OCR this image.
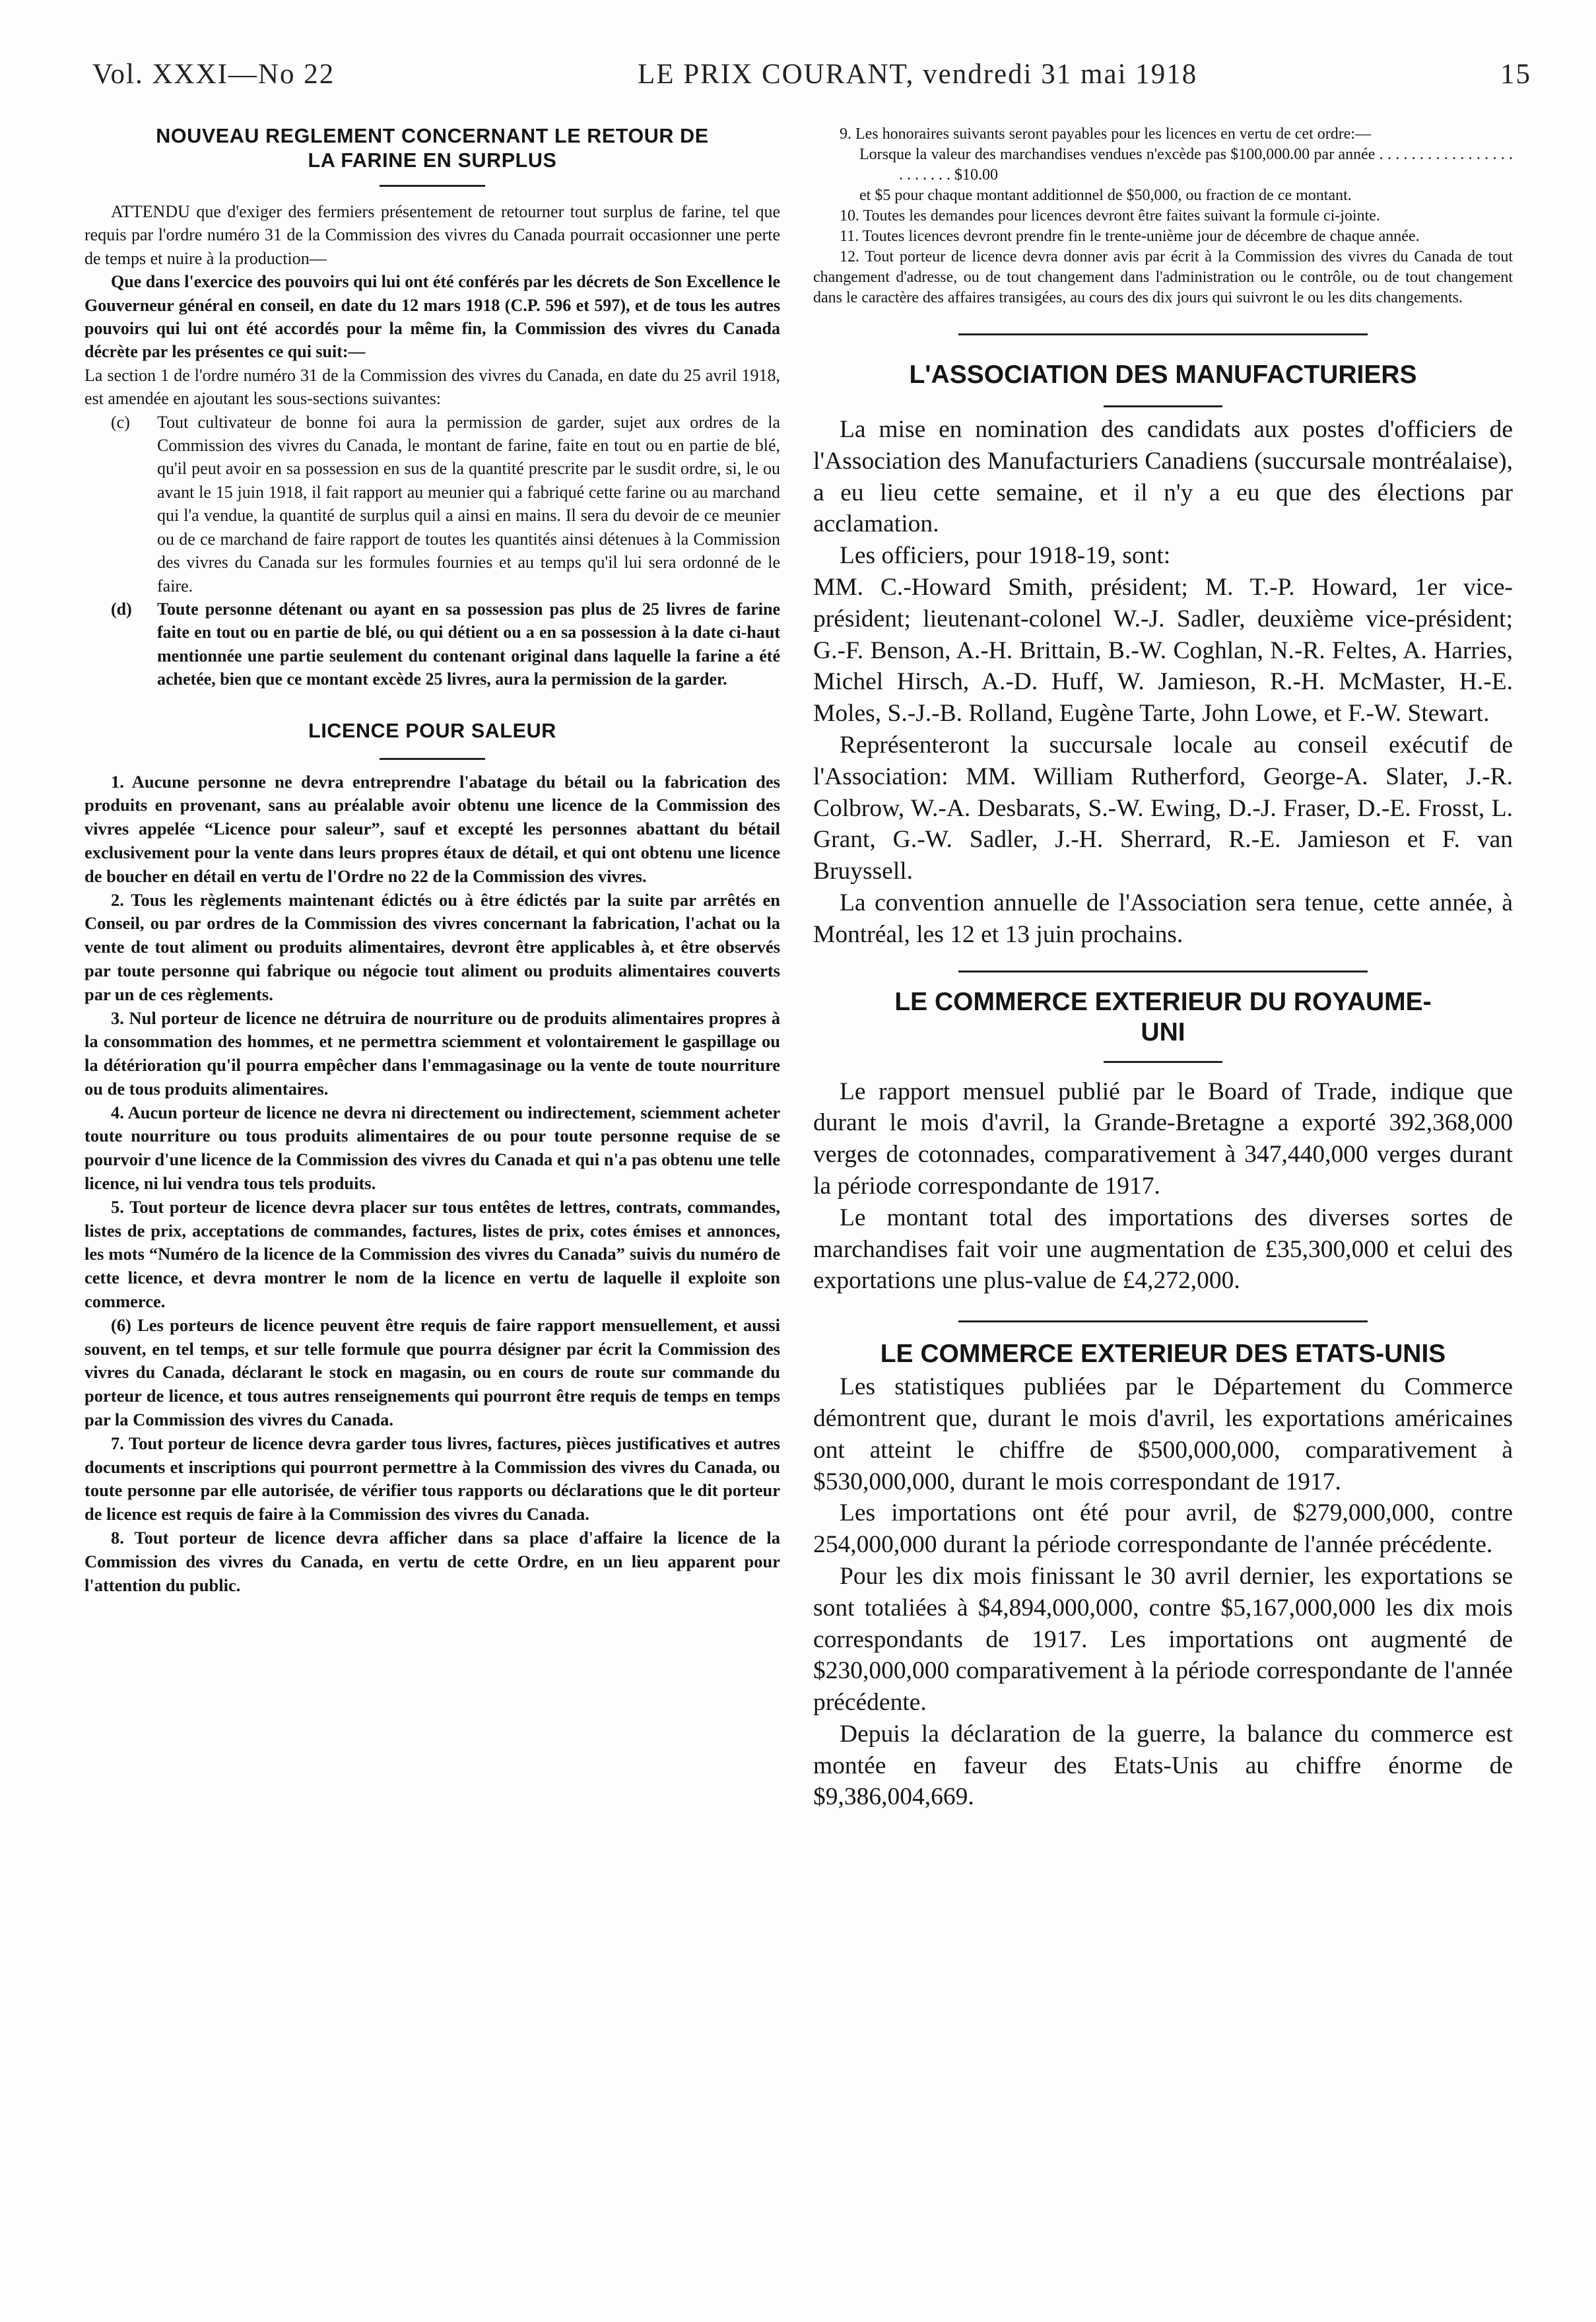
Vol. XXXI—No 22	LE PRIX COURANT, vendredi 31 mai 1918	15
NOUVEAU REGLEMENT CONCERNANT LE RETOUR DE
LA FARINE EN SURPLUS

ATTENDU que d'exiger des fermiers présentement de retourner tout surplus de farine, tel que requis par l'ordre numéro 31 de la Commission des vivres du Canada pourrait occasionner une perte de temps et nuire à la production—

Que dans l'exercice des pouvoirs qui lui ont été conférés par les décrets de Son Excellence le Gouverneur général en conseil, en date du 12 mars 1918 (C.P. 596 et 597), et de tous les autres pouvoirs qui lui ont été accordés pour la même fin, la Commission des vivres du Canada décrète par les présentes ce qui suit:—

La section 1 de l'ordre numéro 31 de la Commission des vivres du Canada, en date du 25 avril 1918, est amendée en ajoutant les sous-sections suivantes:

(c)	Tout cultivateur de bonne foi aura la permission de garder, sujet aux ordres de la Commission des vivres du Canada, le montant de farine, faite en tout ou en partie de blé, qu'il peut avoir en sa possession en sus de la quantité prescrite par le susdit ordre, si, le ou avant le 15 juin 1918, il fait rapport au meunier qui a fabriqué cette farine ou au marchand qui l'a vendue, la quantité de surplus quil a ainsi en mains. Il sera du devoir de ce meunier ou de ce marchand de faire rapport de toutes les quantités ainsi détenues à la Commission des vivres du Canada sur les formules fournies et au temps qu'il lui sera ordonné de le faire.
(d)	Toute personne détenant ou ayant en sa possession pas plus de 25 livres de farine faite en tout ou en partie de blé, ou qui détient ou a en sa possession à la date ci-haut mentionnée une partie seulement du contenant original dans laquelle la farine a été achetée, bien que ce montant excède 25 livres, aura la permission de la garder.
LICENCE POUR SALEUR

1. Aucune personne ne devra entreprendre l'abatage du bétail ou la fabrication des produits en provenant, sans au préalable avoir obtenu une licence de la Commission des vivres appelée “Licence pour saleur”, sauf et excepté les personnes abattant du bétail exclusivement pour la vente dans leurs propres étaux de détail, et qui ont obtenu une licence de boucher en détail en vertu de l'Ordre no 22 de la Commission des vivres.

2. Tous les règlements maintenant édictés ou à être édictés par la suite par arrêtés en Conseil, ou par ordres de la Commission des vivres concernant la fabrication, l'achat ou la vente de tout aliment ou produits alimentaires, devront être applicables à, et être observés par toute personne qui fabrique ou négocie tout aliment ou produits alimentaires couverts par un de ces règlements.

3. Nul porteur de licence ne détruira de nourriture ou de produits alimentaires propres à la consommation des hommes, et ne permettra sciemment et volontairement le gaspillage ou la détérioration qu'il pourra empêcher dans l'emmagasinage ou la vente de toute nourriture ou de tous produits alimentaires.

4. Aucun porteur de licence ne devra ni directement ou indirectement, sciemment acheter toute nourriture ou tous produits alimentaires de ou pour toute personne requise de se pourvoir d'une licence de la Commission des vivres du Canada et qui n'a pas obtenu une telle licence, ni lui vendra tous tels produits.

5. Tout porteur de licence devra placer sur tous entêtes de lettres, contrats, commandes, listes de prix, acceptations de commandes, factures, listes de prix, cotes émises et annonces, les mots “Numéro de la licence de la Commission des vivres du Canada” suivis du numéro de cette licence, et devra montrer le nom de la licence en vertu de laquelle il exploite son commerce.

(6) Les porteurs de licence peuvent être requis de faire rapport mensuellement, et aussi souvent, en tel temps, et sur telle formule que pourra désigner par écrit la Commission des vivres du Canada, déclarant le stock en magasin, ou en cours de route sur commande du porteur de licence, et tous autres renseignements qui pourront être requis de temps en temps par la Commission des vivres du Canada.

7. Tout porteur de licence devra garder tous livres, factures, pièces justificatives et autres documents et inscriptions qui pourront permettre à la Commission des vivres du Canada, ou toute personne par elle autorisée, de vérifier tous rapports ou déclarations que le dit porteur de licence est requis de faire à la Commission des vivres du Canada.

8. Tout porteur de licence devra afficher dans sa place d'affaire la licence de la Commission des vivres du Canada, en vertu de cette Ordre, en un lieu apparent pour l'attention du public.

9. Les honoraires suivants seront payables pour les licences en vertu de cet ordre:—

Lorsque la valeur des marchandises vendues n'excède pas $100,000.00 par année . . . . . . . . . . . . . . . . . . . . . . . . $10.00

et $5 pour chaque montant additionnel de $50,000, ou fraction de ce montant.

10. Toutes les demandes pour licences devront être faites suivant la formule ci-jointe.

11. Toutes licences devront prendre fin le trente-unième jour de décembre de chaque année.

12. Tout porteur de licence devra donner avis par écrit à la Commission des vivres du Canada de tout changement d'adresse, ou de tout changement dans l'administration ou le contrôle, ou de tout changement dans le caractère des affaires transigées, au cours des dix jours qui suivront le ou les dits changements.

L'ASSOCIATION DES MANUFACTURIERS

La mise en nomination des candidats aux postes d'officiers de l'Association des Manufacturiers Canadiens (succursale montréalaise), a eu lieu cette semaine, et il n'y a eu que des élections par acclamation.

Les officiers, pour 1918-19, sont:

MM. C.-Howard Smith, président; M. T.-P. Howard, 1er vice-président; lieutenant-colonel W.-J. Sadler, deuxième vice-président; G.-F. Benson, A.-H. Brittain, B.-W. Coghlan, N.-R. Feltes, A. Harries, Michel Hirsch, A.-D. Huff, W. Jamieson, R.-H. McMaster, H.-E. Moles, S.-J.-B. Rolland, Eugène Tarte, John Lowe, et F.-W. Stewart.

Représenteront la succursale locale au conseil exécutif de l'Association: MM. William Rutherford, George-A. Slater, J.-R. Colbrow, W.-A. Desbarats, S.-W. Ewing, D.-J. Fraser, D.-E. Frosst, L. Grant, G.-W. Sadler, J.-H. Sherrard, R.-E. Jamieson et F. van Bruyssell.

La convention annuelle de l'Association sera tenue, cette année, à Montréal, les 12 et 13 juin prochains.

LE COMMERCE EXTERIEUR DU ROYAUME-
UNI

Le rapport mensuel publié par le Board of Trade, indique que durant le mois d'avril, la Grande-Bretagne a exporté 392,368,000 verges de cotonnades, comparativement à 347,440,000 verges durant la période correspondante de 1917.

Le montant total des importations des diverses sortes de marchandises fait voir une augmentation de £35,300,000 et celui des exportations une plus-value de £4,272,000.

LE COMMERCE EXTERIEUR DES ETATS-UNIS

Les statistiques publiées par le Département du Commerce démontrent que, durant le mois d'avril, les exportations américaines ont atteint le chiffre de $500,000,000, comparativement à $530,000,000, durant le mois correspondant de 1917.

Les importations ont été pour avril, de $279,000,000, contre 254,000,000 durant la période correspondante de l'année précédente.

Pour les dix mois finissant le 30 avril dernier, les exportations se sont totaliées à $4,894,000,000, contre $5,167,000,000 les dix mois correspondants de 1917. Les importations ont augmenté de $230,000,000 comparativement à la période correspondante de l'année précédente.

Depuis la déclaration de la guerre, la balance du commerce est montée en faveur des Etats-Unis au chiffre énorme de $9,386,004,669.
